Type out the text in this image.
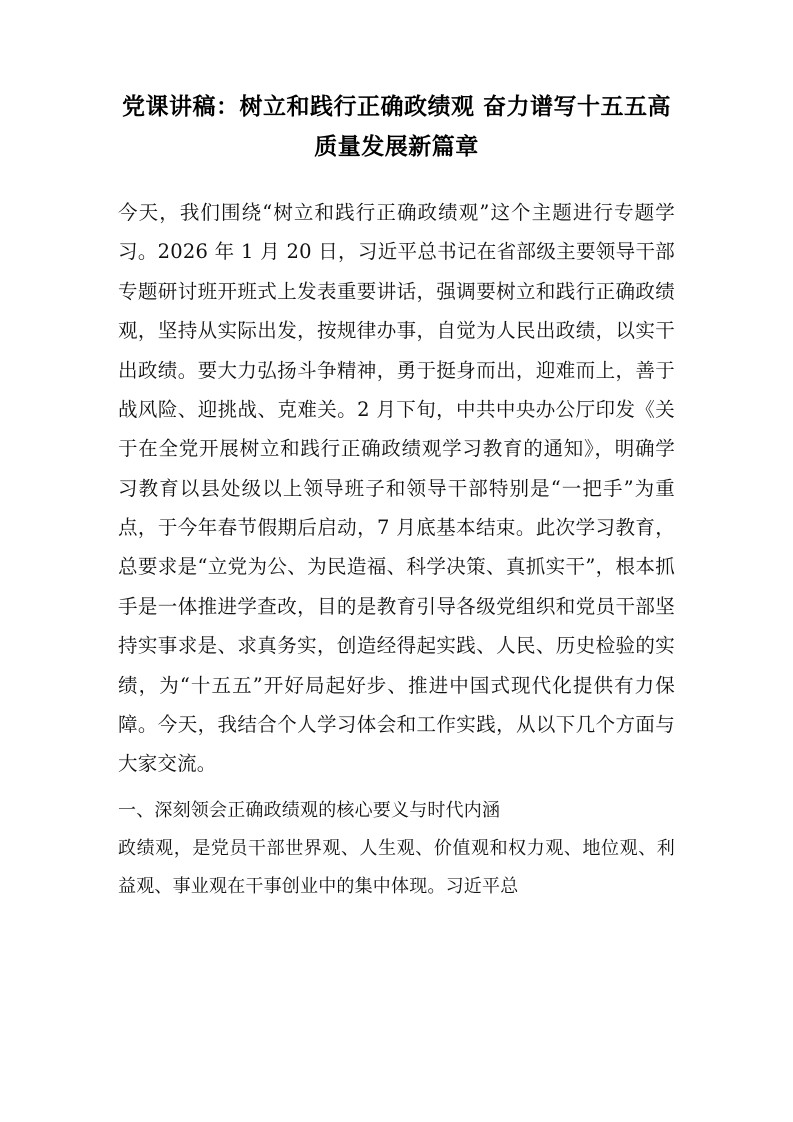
党课讲稿：树立和践行正确政绩观 奋力谱写十五五高质量发展新篇章

今天，我们围绕“树立和践行正确政绩观”这个主题进行专题学习。2026 年 1 月 20 日，习近平总书记在省部级主要领导干部专题研讨班开班式上发表重要讲话，强调要树立和践行正确政绩观，坚持从实际出发，按规律办事，自觉为人民出政绩，以实干出政绩。要大力弘扬斗争精神，勇于挺身而出，迎难而上，善于战风险、迎挑战、克难关。2 月下旬，中共中央办公厅印发《关于在全党开展树立和践行正确政绩观学习教育的通知》，明确学习教育以县处级以上领导班子和领导干部特别是“一把手”为重点，于今年春节假期后启动，7 月底基本结束。此次学习教育，总要求是“立党为公、为民造福、科学决策、真抓实干”，根本抓手是一体推进学查改，目的是教育引导各级党组织和党员干部坚持实事求是、求真务实，创造经得起实践、人民、历史检验的实绩，为“十五五”开好局起好步、推进中国式现代化提供有力保障。今天，我结合个人学习体会和工作实践，从以下几个方面与大家交流。

一、深刻领会正确政绩观的核心要义与时代内涵

政绩观，是党员干部世界观、人生观、价值观和权力观、地位观、利益观、事业观在干事创业中的集中体现。习近平总
